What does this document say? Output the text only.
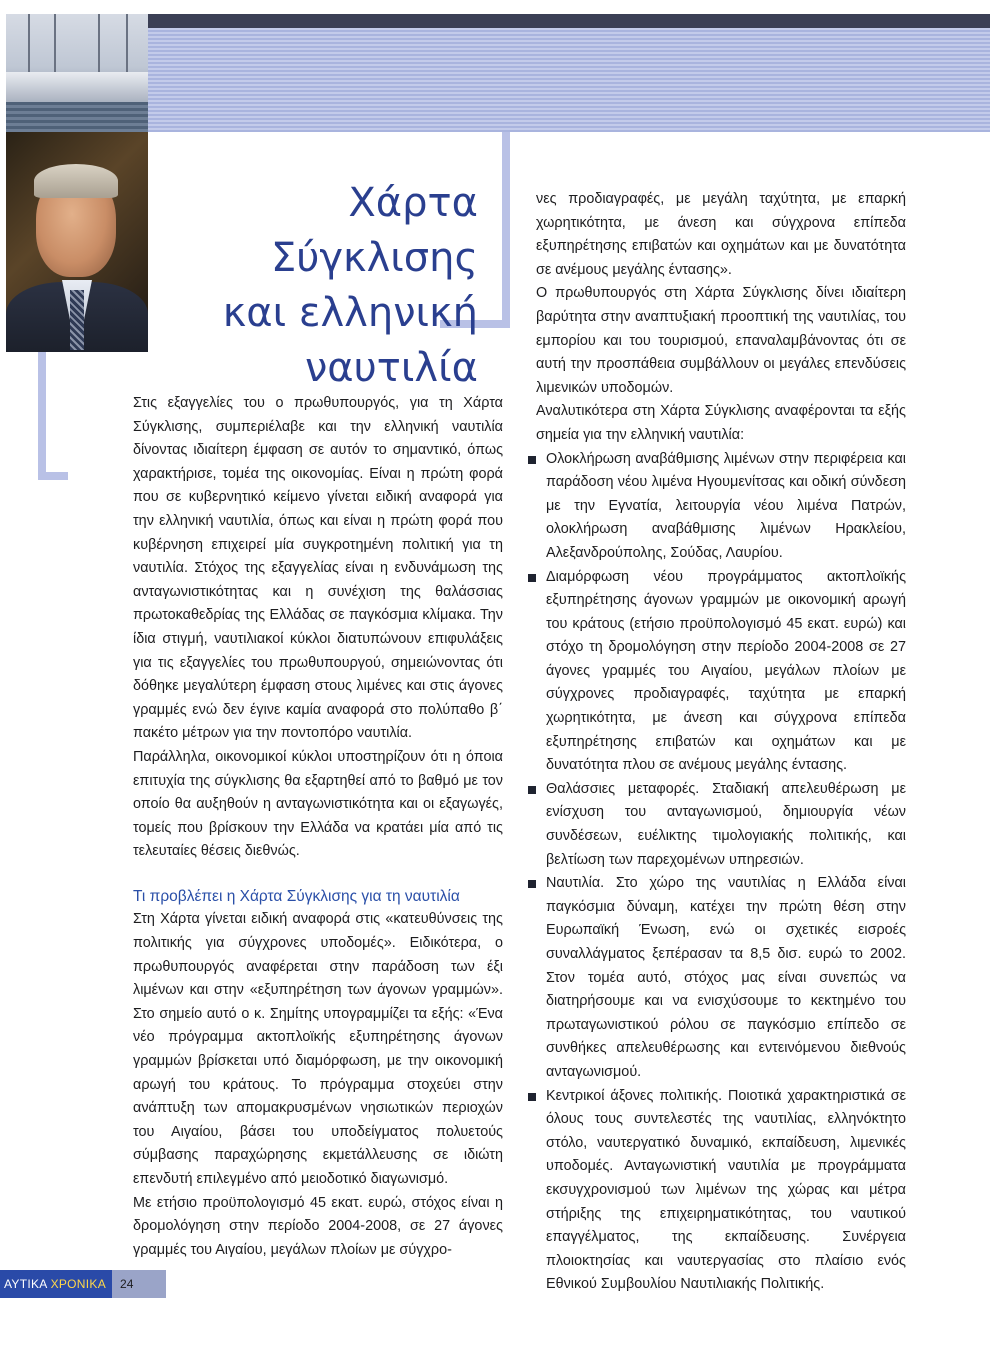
Χάρτα Σύγκλισης
και ελληνική
ναυτιλία

Στις εξαγγελίες του ο πρωθυπουργός, για τη Χάρτα Σύγκλισης, συμπεριέλαβε και την ελληνική ναυτιλία δίνοντας ιδιαίτερη έμφαση σε αυτόν το σημαντικό, όπως χαρακτήρισε, τομέα της οικονομίας. Είναι η πρώτη φορά που σε κυβερνητικό κείμενο γίνεται ειδική αναφορά για την ελληνική ναυτιλία, όπως και είναι η πρώτη φορά που κυβέρνηση επιχειρεί μία συγκροτημένη πολιτική για τη ναυτιλία. Στόχος της εξαγγελίας είναι η ενδυνάμωση της ανταγωνιστικότητας και η συνέχιση της θαλάσσιας πρωτοκαθεδρίας της Ελλάδας σε παγκόσμια κλίμακα. Την ίδια στιγμή, ναυτιλιακοί κύκλοι διατυπώνουν επιφυλάξεις για τις εξαγγελίες του πρωθυπουργού, σημειώνοντας ότι δόθηκε μεγαλύτερη έμφαση στους λιμένες και στις άγονες γραμμές ενώ δεν έγινε καμία αναφορά στο πολύπαθο β΄ πακέτο μέτρων για την ποντοπόρο ναυτιλία.

Παράλληλα, οικονομικοί κύκλοι υποστηρίζουν ότι η όποια επιτυχία της σύγκλισης θα εξαρτηθεί από το βαθμό με τον οποίο θα αυξηθούν η ανταγωνιστικότητα και οι εξαγωγές, τομείς που βρίσκουν την Ελλάδα να κρατάει μία από τις τελευταίες θέσεις διεθνώς.

Τι προβλέπει η Χάρτα Σύγκλισης για τη ναυτιλία

Στη Χάρτα γίνεται ειδική αναφορά στις «κατευθύνσεις της πολιτικής για σύγχρονες υποδομές». Ειδικότερα, ο πρωθυπουργός αναφέρεται στην παράδοση των έξι λιμένων και στην «εξυπηρέτηση των άγονων γραμμών». Στο σημείο αυτό ο κ. Σημίτης υπογραμμίζει τα εξής: «Ένα νέο πρόγραμμα ακτοπλοϊκής εξυπηρέτησης άγονων γραμμών βρίσκεται υπό διαμόρφωση, με την οικονομική αρωγή του κράτους. Το πρόγραμμα στοχεύει στην ανάπτυξη των απομακρυσμένων νησιωτικών περιοχών του Αιγαίου, βάσει του υποδείγματος πολυετούς σύμβασης παραχώρησης εκμετάλλευσης σε ιδιώτη επενδυτή επιλεγμένο από μειοδοτικό διαγωνισμό.

Με ετήσιο προϋπολογισμό 45 εκατ. ευρώ, στόχος είναι η δρομολόγηση στην περίοδο 2004-2008, σε 27 άγονες γραμμές του Αιγαίου, μεγάλων πλοίων με σύγχρο-

νες προδιαγραφές, με μεγάλη ταχύτητα, με επαρκή χωρητικότητα, με άνεση και σύγχρονα επίπεδα εξυπηρέτησης επιβατών και οχημάτων και με δυνατότητα σε ανέμους μεγάλης έντασης».

Ο πρωθυπουργός στη Χάρτα Σύγκλισης δίνει ιδιαίτερη βαρύτητα στην αναπτυξιακή προοπτική της ναυτιλίας, του εμπορίου και του τουρισμού, επαναλαμβάνοντας ότι σε αυτή την προσπάθεια συμβάλλουν οι μεγάλες επενδύσεις λιμενικών υποδομών.

Αναλυτικότερα στη Χάρτα Σύγκλισης αναφέρονται τα εξής σημεία για την ελληνική ναυτιλία:

Ολοκλήρωση αναβάθμισης λιμένων στην περιφέρεια και παράδοση νέου λιμένα Ηγουμενίτσας και οδική σύνδεση με την Εγνατία, λειτουργία νέου λιμένα Πατρών, ολοκλήρωση αναβάθμισης λιμένων Ηρακλείου, Αλεξανδρούπολης, Σούδας, Λαυρίου.
Διαμόρφωση νέου προγράμματος ακτοπλοϊκής εξυπηρέτησης άγονων γραμμών με οικονομική αρωγή του κράτους (ετήσιο προϋπολογισμό 45 εκατ. ευρώ) και στόχο τη δρομολόγηση στην περίοδο 2004-2008 σε 27 άγονες γραμμές του Αιγαίου, μεγάλων πλοίων με σύγχρονες προδιαγραφές, ταχύτητα με επαρκή χωρητικότητα, με άνεση και σύγχρονα επίπεδα εξυπηρέτησης επιβατών και οχημάτων και με δυνατότητα πλου σε ανέμους μεγάλης έντασης.
Θαλάσσιες μεταφορές. Σταδιακή απελευθέρωση με ενίσχυση του ανταγωνισμού, δημιουργία νέων συνδέσεων, ευέλικτης τιμολογιακής πολιτικής, και βελτίωση των παρεχομένων υπηρεσιών.
Ναυτιλία. Στο χώρο της ναυτιλίας η Ελλάδα είναι παγκόσμια δύναμη, κατέχει την πρώτη θέση στην Ευρωπαϊκή Ένωση, ενώ οι σχετικές εισροές συναλλάγματος ξεπέρασαν τα 8,5 δισ. ευρώ το 2002. Στον τομέα αυτό, στόχος μας είναι συνεπώς να διατηρήσουμε και να ενισχύσουμε το κεκτημένο του πρωταγωνιστικού ρόλου σε παγκόσμιο επίπεδο σε συνθήκες απελευθέρωσης και εντεινόμενου διεθνούς ανταγωνισμού.
Κεντρικοί άξονες πολιτικής. Ποιοτικά χαρακτηριστικά σε όλους τους συντελεστές της ναυτιλίας, ελληνόκτητο στόλο, ναυτεργατικό δυναμικό, εκπαίδευση, λιμενικές υποδομές. Ανταγωνιστική ναυτιλία με προγράμματα εκσυγχρονισμού των λιμένων της χώρας και μέτρα στήριξης της επιχειρηματικότητας, του ναυτικού επαγγέλματος, της εκπαίδευσης. Συνέργεια πλοιοκτησίας και ναυτεργασίας στο πλαίσιο ενός Εθνικού Συμβουλίου Ναυτιλιακής Πολιτικής.
ΑΥΤΙΚΑ ΧΡΟΝΙΚΑ	24
